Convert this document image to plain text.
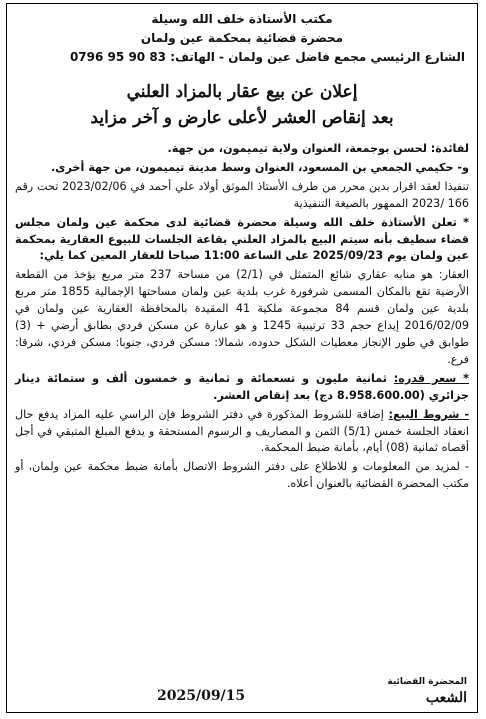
مكتب الأستاذة خلف الله وسيلة
محضرة قضائية بمحكمة عين ولمان
الشارع الرئيسي مجمع فاضل عين ولمان - الهاتف: 83 90 95 0796
إعلان عن بيع عقار بالمزاد العلني
بعد إنقاص العشر لأعلى عارض و آخر مزايد

لفائدة: لحسن بوجمعة، العنوان ولاية تيميمون، من جهة.

و- حكيمي الجمعي بن المسعود، العنوان وسط مدينة تيميمون، من جهة أخرى.

تنفيذا لعقد اقرار بدين محرر من طرف الأستاذ الموثق أولاد علي أحمد في 2023/02/06 تحت رقم 166 /2023 الممهور بالصيغة التنفيذية

* تعلن الأستاذة خلف الله وسيلة محضرة قضائية لدى محكمة عين ولمان مجلس قضاء سطيف بأنه سيتم البيع بالمزاد العلني بقاعة الجلسات للبيوع العقارية بمحكمة عين ولمان يوم 2025/09/23 على الساعة 11:00 صباحا للعقار المعين كما يلي:

العقار: هو منابه عقاري شائع المتمثل في (2/1) من مساحة 237 متر مربع يؤخذ من القطعة الأرضية تقع بالمكان المسمى شرفورة غرب بلدية عين ولمان مساحتها الإجمالية 1855 متر مربع بلدية عين ولمان قسم 84 مجموعة ملكية 41 المقيدة بالمحافظة العقارية عين ولمان في 2016/02/09 إيداع حجم 33 ترتيبية 1245 و هو عبارة عن مسكن فردي بطابق أرضي + (3) طوابق في طور الإنجاز معطيات الشكل حدوده، شمالا: مسكن فردي، جنوبا: مسكن فردي، شرقا: فرع.

* سعر قدره: ثمانية مليون و تسعمائة و ثمانية و خمسون ألف و ستمائة دينار جزائري (8.958.600.00 دج) بعد إنقاص العشر.

- شروط البيع: إضافة للشروط المذكورة في دفتر الشروط فإن الراسي عليه المزاد يدفع حال انعقاد الجلسة خمس (5/1) الثمن و المصاريف و الرسوم المستحقة و يدفع المبلغ المتبقي في أجل أقصاه ثمانية (08) أيام، بأمانة ضبط المحكمة.

- لمزيد من المعلومات و للاطلاع على دفتر الشروط الاتصال بأمانة ضبط محكمة عين ولمان، أو مكتب المحضرة القضائية بالعنوان أعلاه.

المحضرة القضائية
الشعب
2025/09/15
